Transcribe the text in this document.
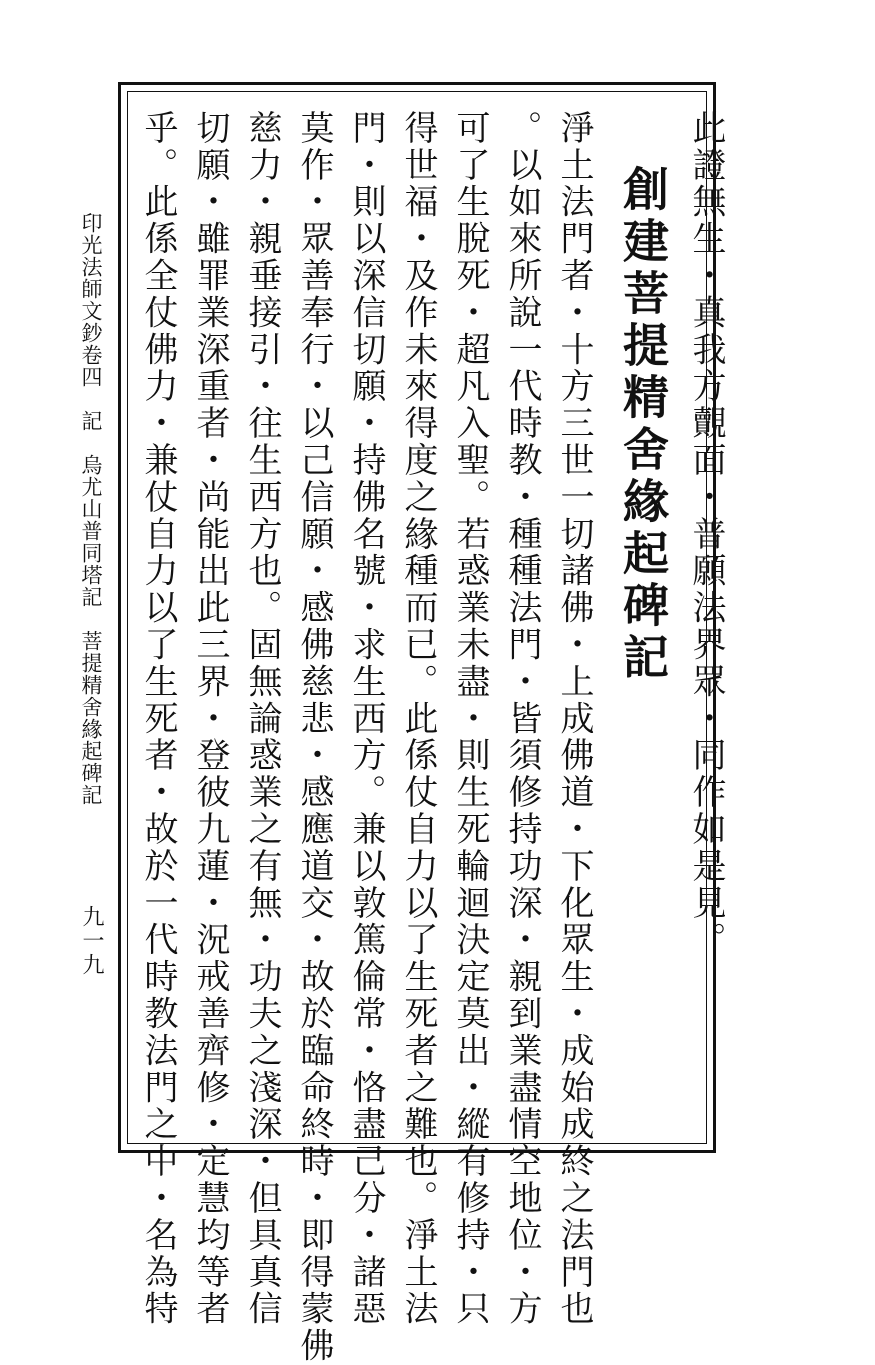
此證無生・真我方覿面・普願法界眾・同作如是見。
創建菩提精舍緣起碑記
淨土法門者・十方三世一切諸佛・上成佛道・下化眾生・成始成終之法門也
。以如來所說一代時教・種種法門・皆須修持功深・親到業盡情空地位・方
可了生脫死・超凡入聖。若惑業未盡・則生死輪迴決定莫出・縱有修持・只
得世福・及作未來得度之緣種而已。此係仗自力以了生死者之難也。淨土法
門・則以深信切願・持佛名號・求生西方。兼以敦篤倫常・恪盡己分・諸惡
莫作・眾善奉行・以己信願・感佛慈悲・感應道交・故於臨命終時・即得蒙佛
慈力・親垂接引・往生西方也。固無論惑業之有無・功夫之淺深・但具真信
切願・雖罪業深重者・尚能出此三界・登彼九蓮・況戒善齊修・定慧均等者
乎。此係全仗佛力・兼仗自力以了生死者・故於一代時教法門之中・名為特
印光法師文鈔卷四　記　烏尤山普同塔記　菩提精舍緣起碑記
九一九
